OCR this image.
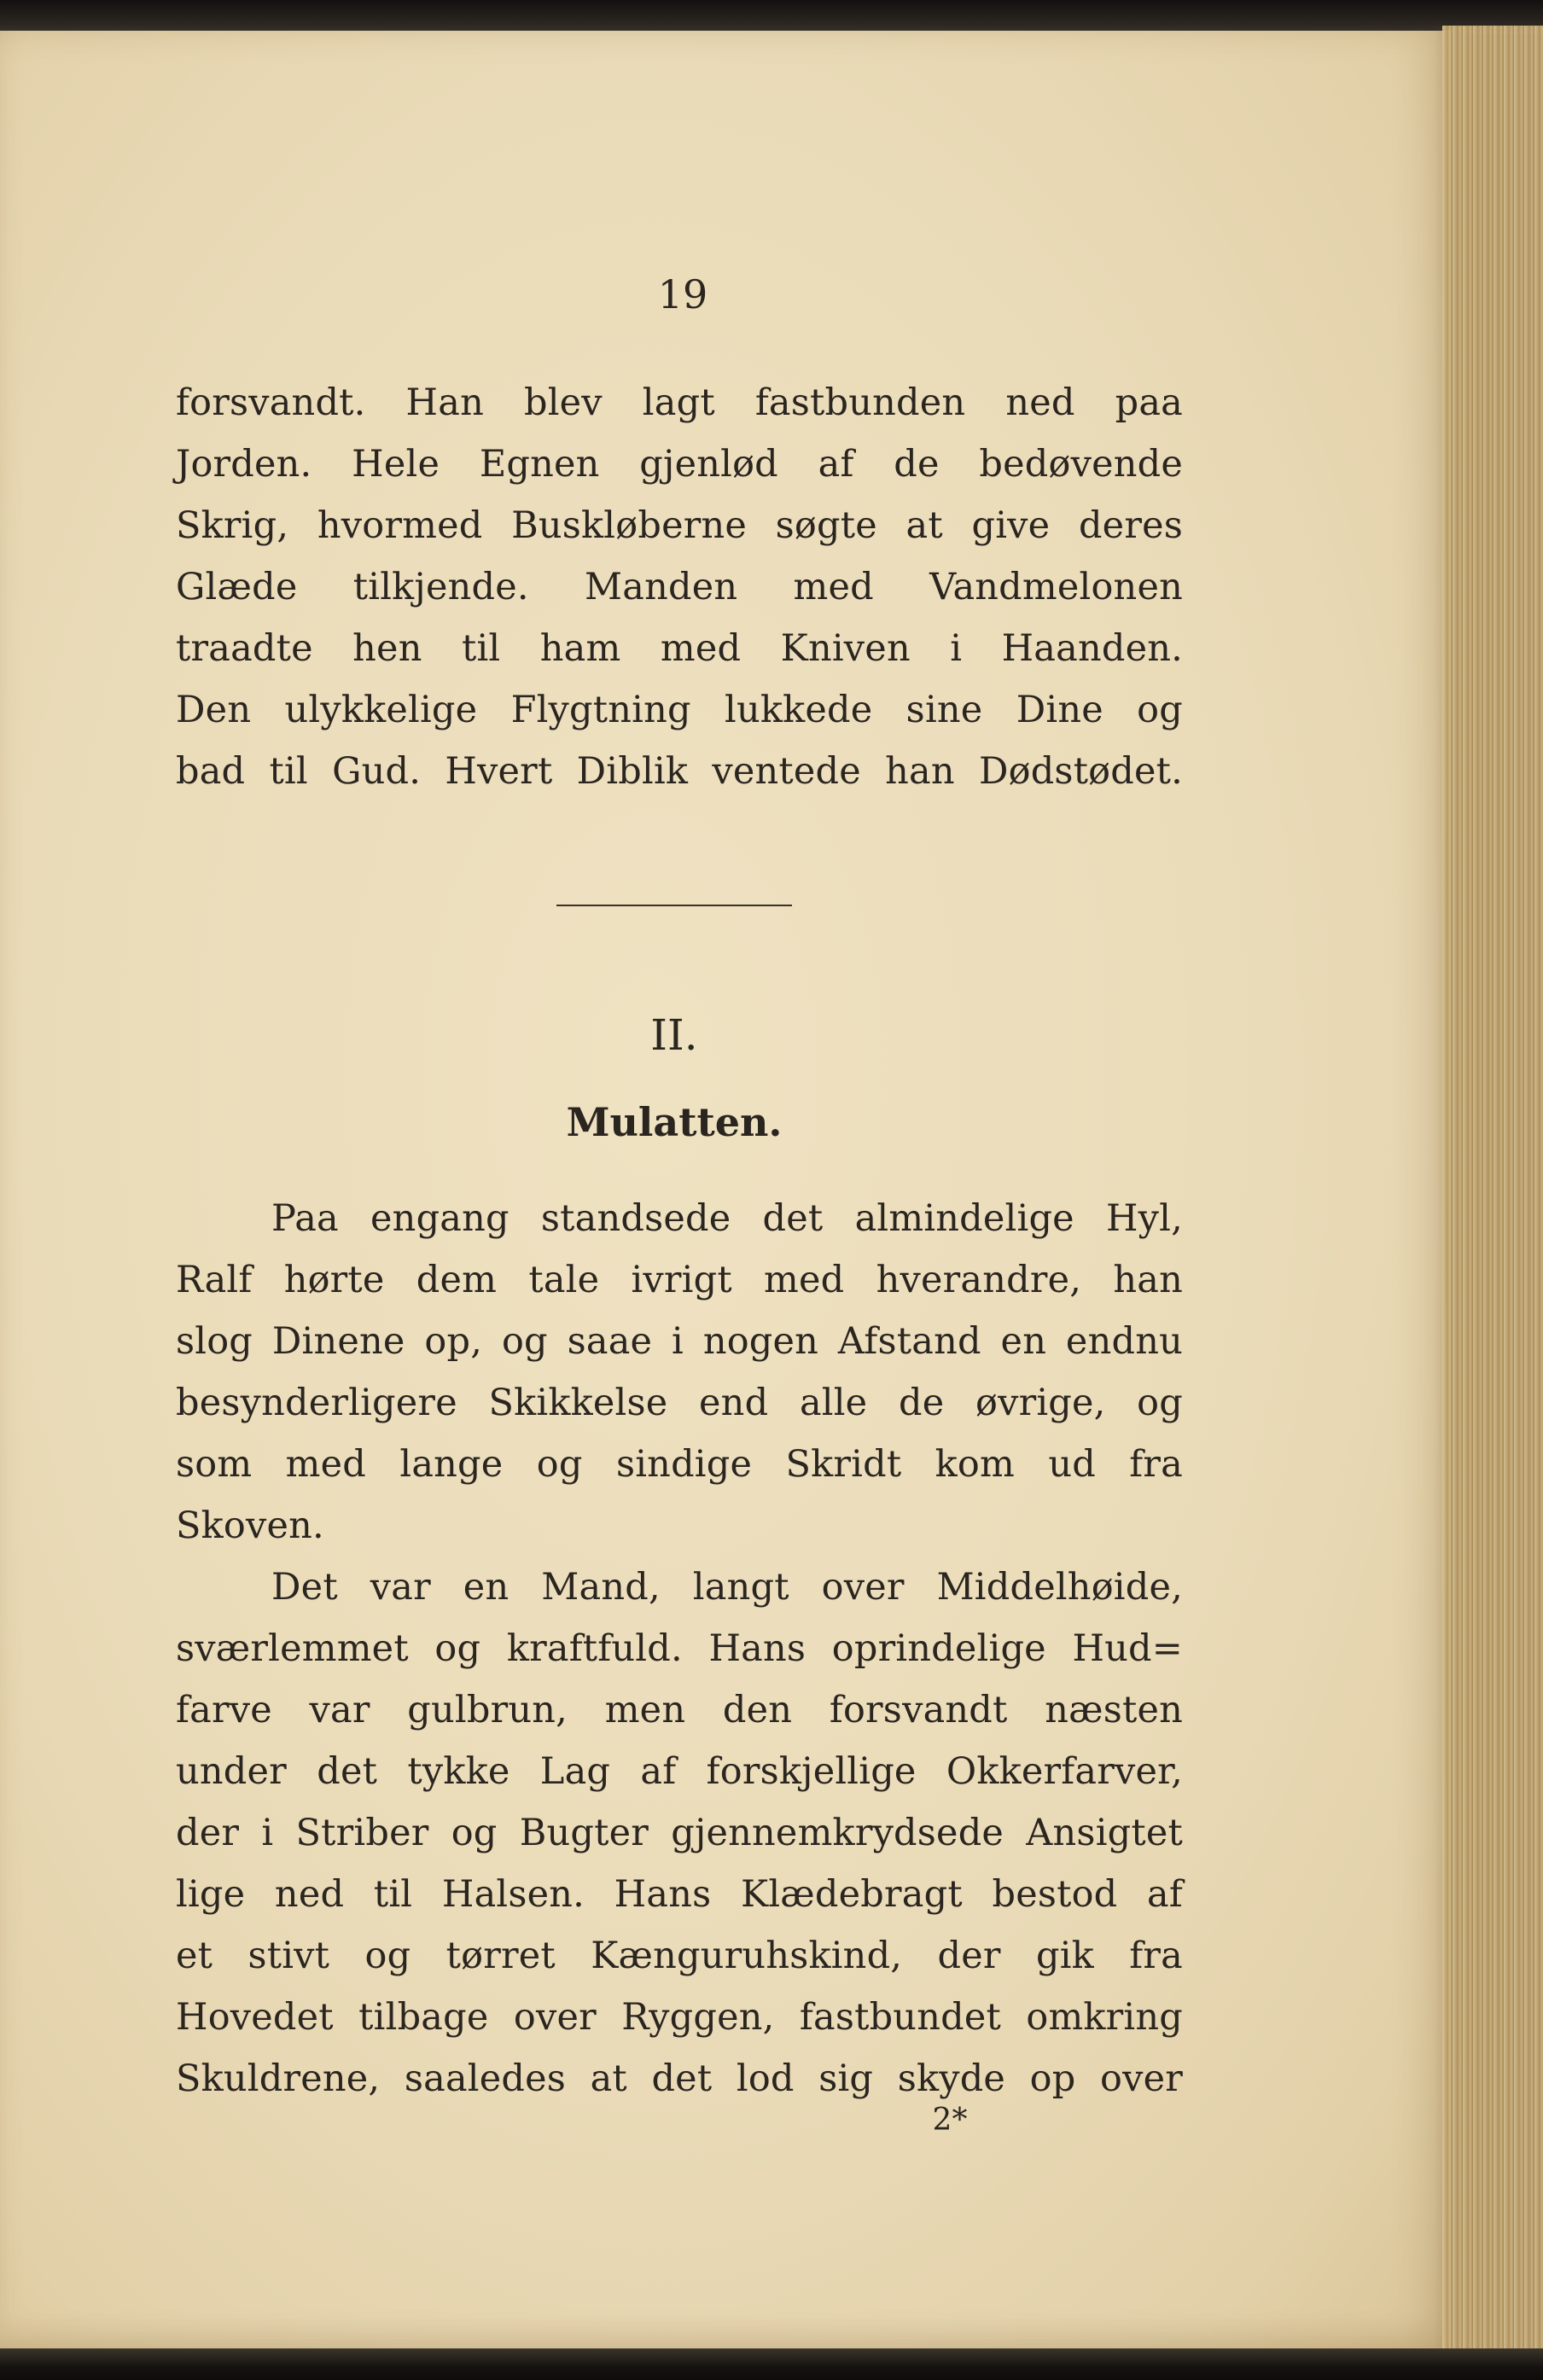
19
forsvandt. Han blev lagt fastbunden ned paa
Jorden. Hele Egnen gjenlød af de bedøvende
Skrig, hvormed Buskløberne søgte at give deres
Glæde tilkjende. Manden med Vandmelonen
traadte hen til ham med Kniven i Haanden.
Den ulykkelige Flygtning lukkede sine Dine og
bad til Gud. Hvert Diblik ventede han Dødstødet.
II.
Mulatten.
Paa engang standsede det almindelige Hyl,
Ralf hørte dem tale ivrigt med hverandre, han
slog Dinene op, og saae i nogen Afstand en endnu
besynderligere Skikkelse end alle de øvrige, og
som med lange og sindige Skridt kom ud fra
Skoven.
Det var en Mand, langt over Middelhøide,
sværlemmet og kraftfuld. Hans oprindelige Hud=
farve var gulbrun, men den forsvandt næsten
under det tykke Lag af forskjellige Okkerfarver,
der i Striber og Bugter gjennemkrydsede Ansigtet
lige ned til Halsen. Hans Klædebragt bestod af
et stivt og tørret Kænguruhskind, der gik fra
Hovedet tilbage over Ryggen, fastbundet omkring
Skuldrene, saaledes at det lod sig skyde op over
2*
